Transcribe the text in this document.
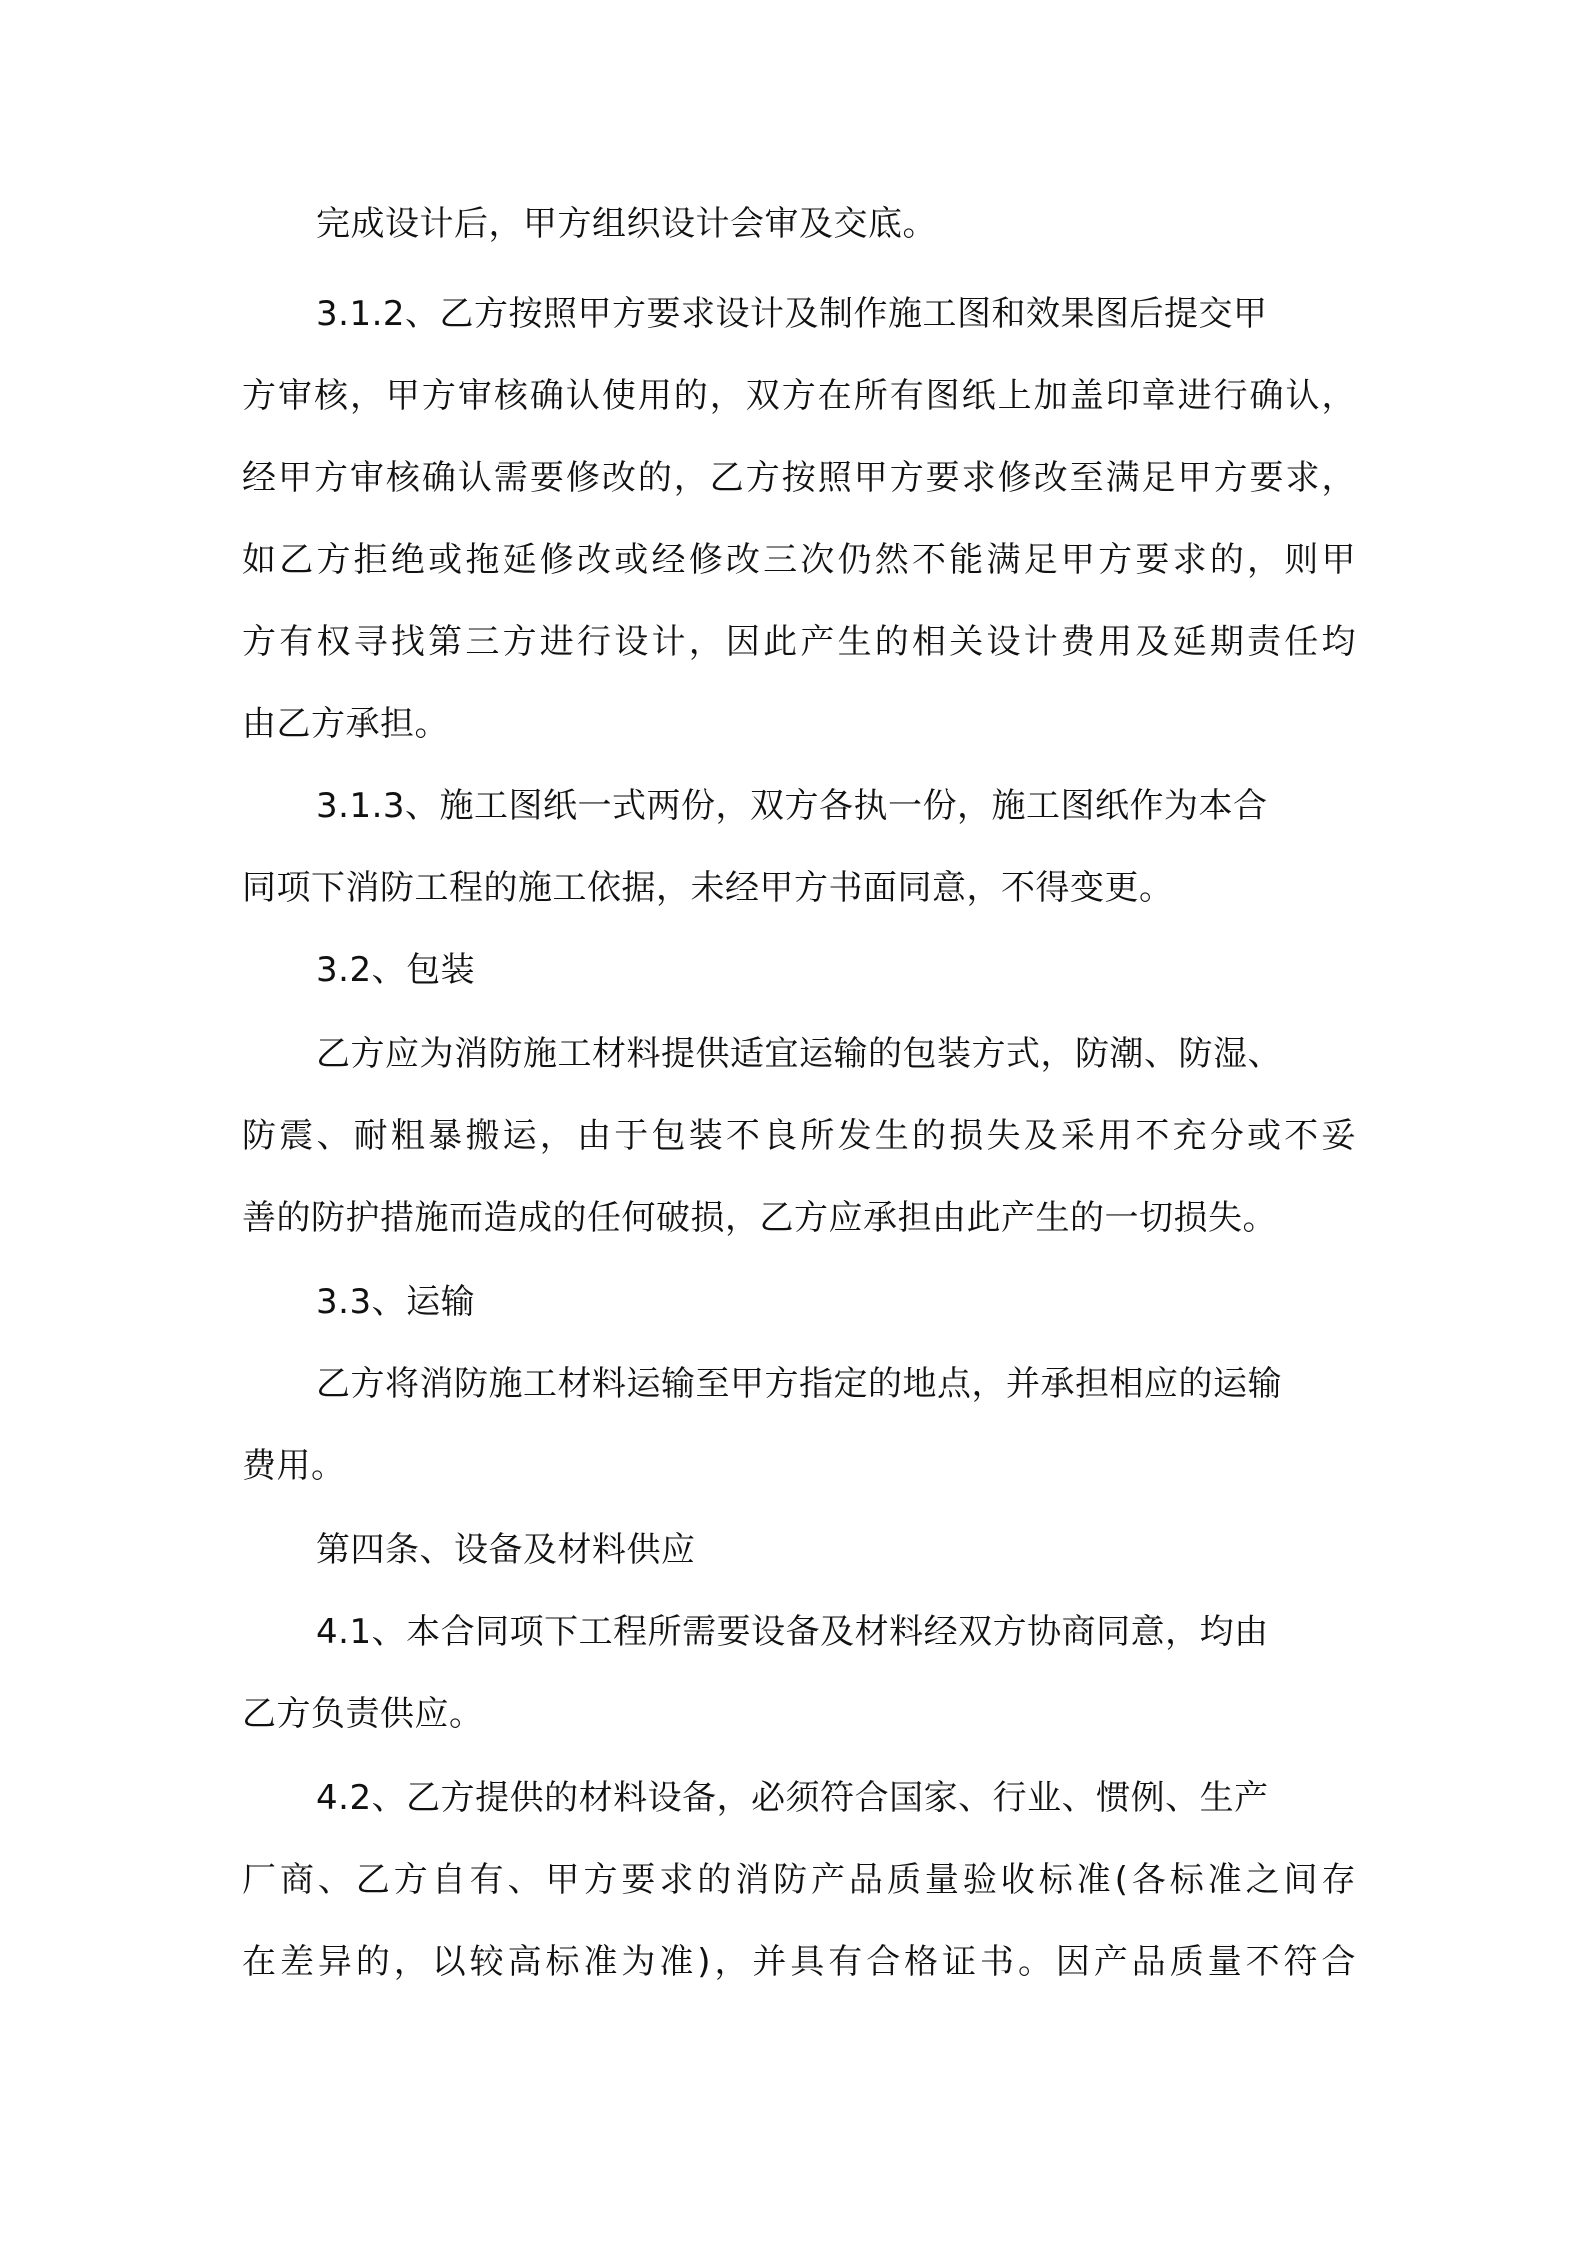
完成设计后，甲方组织设计会审及交底。
3.1.2、乙方按照甲方要求设计及制作施工图和效果图后提交甲
方审核，甲方审核确认使用的，双方在所有图纸上加盖印章进行确认，
经甲方审核确认需要修改的，乙方按照甲方要求修改至满足甲方要求，
如乙方拒绝或拖延修改或经修改三次仍然不能满足甲方要求的，则甲
方有权寻找第三方进行设计，因此产生的相关设计费用及延期责任均
由乙方承担。
3.1.3、施工图纸一式两份，双方各执一份，施工图纸作为本合
同项下消防工程的施工依据，未经甲方书面同意，不得变更。
3.2、包装
乙方应为消防施工材料提供适宜运输的包装方式，防潮、防湿、
防震、耐粗暴搬运，由于包装不良所发生的损失及采用不充分或不妥
善的防护措施而造成的任何破损，乙方应承担由此产生的一切损失。
3.3、运输
乙方将消防施工材料运输至甲方指定的地点，并承担相应的运输
费用。
第四条、设备及材料供应
4.1、本合同项下工程所需要设备及材料经双方协商同意，均由
乙方负责供应。
4.2、乙方提供的材料设备，必须符合国家、行业、惯例、生产
厂商、乙方自有、甲方要求的消防产品质量验收标准(各标准之间存
在差异的，以较高标准为准)，并具有合格证书。因产品质量不符合
